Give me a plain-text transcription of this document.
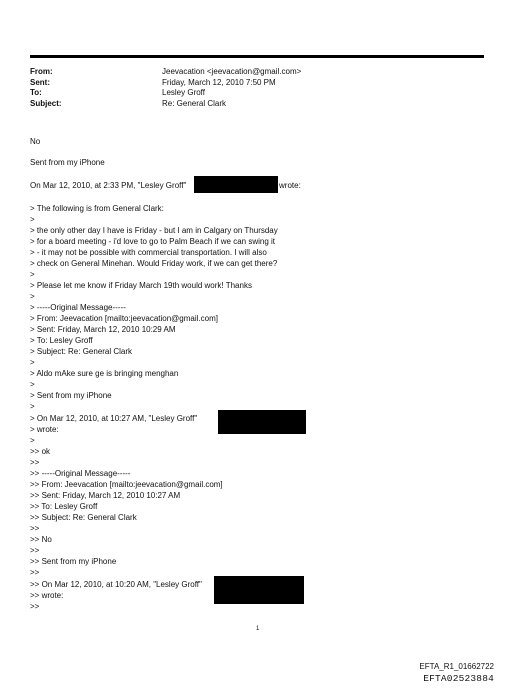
From:	Jeevacation <jeevacation@gmail.com>
Sent:	Friday, March 12, 2010 7:50 PM
To:	Lesley Groff
Subject:	Re: General Clark
No
Sent from my iPhone
On Mar 12, 2010, at 2:33 PM, "Lesley Groff"	wrote:
> The following is from General Clark:
>
> the only other day I have is Friday - but I am in Calgary on Thursday
> for a board meeting - i'd love to go to Palm Beach if we can swing it
> - it may not be possible with commercial transportation. I will also
> check on General Minehan. Would Friday work, if we can get there?
>
> Please let me know if Friday March 19th would work! Thanks
>
> -----Original Message-----
> From: Jeevacation [mailto:jeevacation@gmail.com]
> Sent: Friday, March 12, 2010 10:29 AM
> To: Lesley Groff
> Subject: Re: General Clark
>
> Aldo mAke sure ge is bringing menghan
>
> Sent from my iPhone
>
> On Mar 12, 2010, at 10:27 AM, "Lesley Groff"
> wrote:
>
>> ok
>>
>> -----Original Message-----
>> From: Jeevacation [mailto:jeevacation@gmail.com]
>> Sent: Friday, March 12, 2010 10:27 AM
>> To: Lesley Groff
>> Subject: Re: General Clark
>>
>> No
>>
>> Sent from my iPhone
>>
>> On Mar 12, 2010, at 10:20 AM, "Lesley Groff"
>> wrote:
>>
1
EFTA_R1_01662722
EFTA02523884
